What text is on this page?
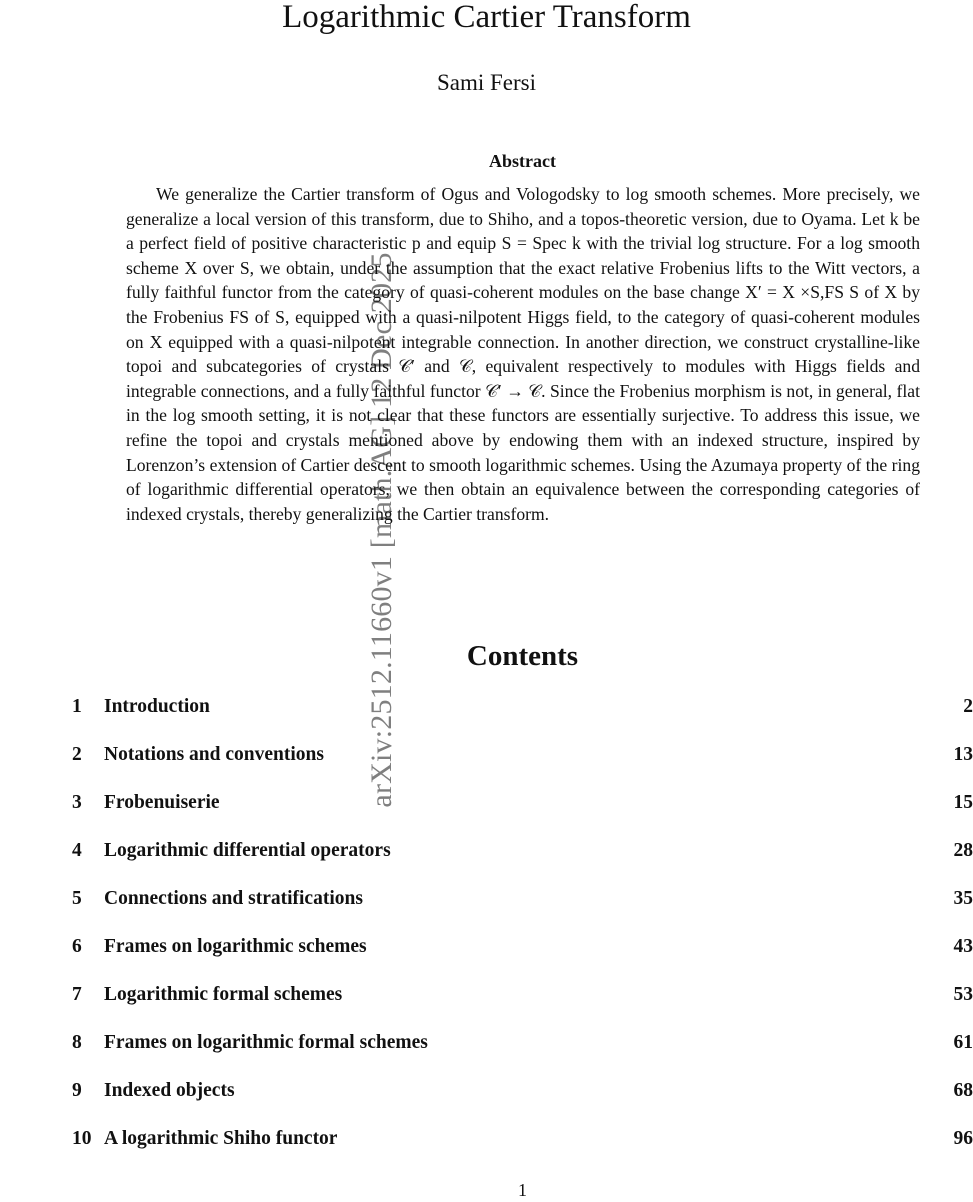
arXiv:2512.11660v1 [math.AG] 12 Dec 2025
Logarithmic Cartier Transform
Sami Fersi
Abstract

We generalize the Cartier transform of Ogus and Vologodsky to log smooth schemes. More precisely, we generalize a local version of this transform, due to Shiho, and a topos-theoretic version, due to Oyama. Let k be a perfect field of positive characteristic p and equip S = Spec k with the trivial log structure. For a log smooth scheme X over S, we obtain, under the assumption that the exact relative Frobenius lifts to the Witt vectors, a fully faithful functor from the category of quasi-coherent modules on the base change X′ = X ×S,FS S of X by the Frobenius FS of S, equipped with a quasi-nilpotent Higgs field, to the category of quasi-coherent modules on X equipped with a quasi-nilpotent integrable connection. In another direction, we construct crystalline-like topoi and subcategories of crystals 𝒞′ and 𝒞, equivalent respectively to modules with Higgs fields and integrable connections, and a fully faithful functor 𝒞′ → 𝒞. Since the Frobenius morphism is not, in general, flat in the log smooth setting, it is not clear that these functors are essentially surjective. To address this issue, we refine the topoi and crystals mentioned above by endowing them with an indexed structure, inspired by Lorenzon’s extension of Cartier descent to smooth logarithmic schemes. Using the Azumaya property of the ring of logarithmic differential operators, we then obtain an equivalence between the corresponding categories of indexed crystals, thereby generalizing the Cartier transform.

Contents
1 Introduction	2
2 Notations and conventions	13
3 Frobenuiserie	15
4 Logarithmic differential operators	28
5 Connections and stratifications	35
6 Frames on logarithmic schemes	43
7 Logarithmic formal schemes	53
8 Frames on logarithmic formal schemes	61
9 Indexed objects	68
10 A logarithmic Shiho functor	96
1
